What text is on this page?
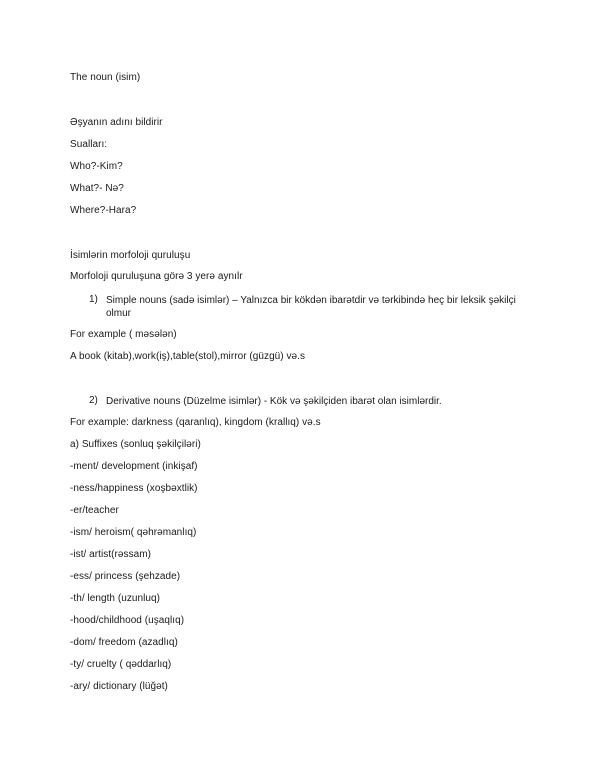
The noun (isim)
Əşyanın adını bildirir
Sualları:
Who?-Kim?
What?- Nə?
Where?-Hara?
İsimlərin morfoloji quruluşu
Morfoloji quruluşuna görə 3 yerə aynılr
1) Simple nouns (sadə isimlər) – Yalnızca bir kökdən ibarətdir və tərkibində heç bir leksik şəkilçi olmur
For example ( məsələn)
A book (kitab),work(iş),table(stol),mirror (güzgü) və.s
2) Derivative nouns (Düzelme isimlər) - Kök və şəkilçiden ibarət olan isimlərdir.
For example: darkness (qaranlıq), kingdom (krallıq) və.s
a) Suffixes (sonluq şəkilçiləri)
-ment/ development (inkişaf)
-ness/happiness (xoşbəxtlik)
-er/teacher
-ism/ heroism( qəhrəmanlıq)
-ist/ artist(rəssam)
-ess/ princess (şehzade)
-th/ length (uzunluq)
-hood/childhood (uşaqlıq)
-dom/ freedom (azadlıq)
-ty/ cruelty ( qəddarlıq)
-ary/ dictionary (lüğət)
